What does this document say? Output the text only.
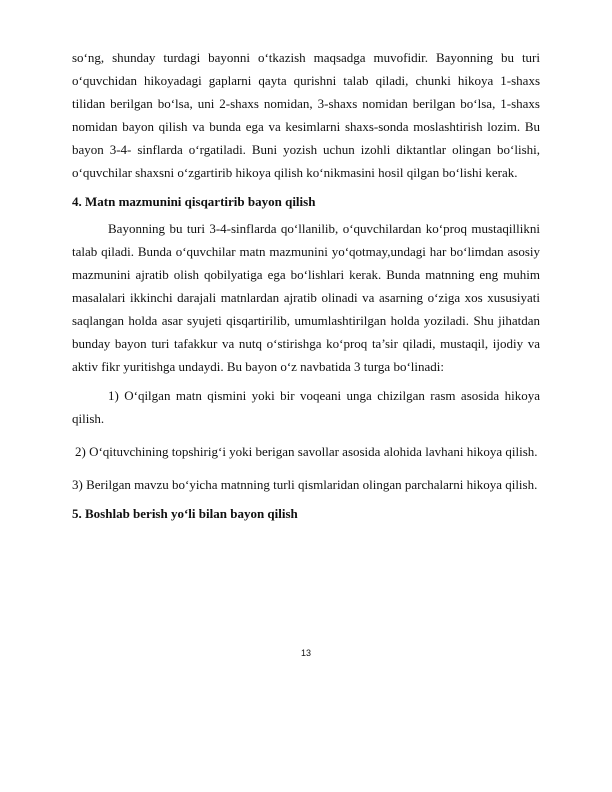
so‘ng, shunday turdagi bayonni o‘tkazish maqsadga muvofidir. Bayonning bu turi o‘quvchidan hikoyadagi gaplarni qayta qurishni talab qiladi, chunki hikoya 1-shaxs tilidan berilgan bo‘lsa, uni 2-shaxs nomidan, 3-shaxs nomidan berilgan bo‘lsa, 1-shaxs nomidan bayon qilish va bunda ega va kesimlarni shaxs-sonda moslashtirish lozim. Bu bayon 3-4- sinflarda o‘rgatiladi. Buni yozish uchun izohli diktantlar olingan bo‘lishi, o‘quvchilar shaxsni o‘zgartirib hikoya qilish ko‘nikmasini hosil qilgan bo‘lishi kerak.

4. Matn mazmunini qisqartirib bayon qilish

Bayonning bu turi 3-4-sinflarda qo‘llanilib, o‘quvchilardan ko‘proq mustaqillikni talab qiladi. Bunda o‘quvchilar matn mazmunini yo‘qotmay,undagi har bo‘limdan asosiy mazmunini ajratib olish qobilyatiga ega bo‘lishlari kerak. Bunda matnning eng muhim masalalari ikkinchi darajali matnlardan ajratib olinadi va asarning o‘ziga xos xususiyati saqlangan holda asar syujeti qisqartirilib, umumlashtirilgan holda yoziladi. Shu jihatdan bunday bayon turi tafakkur va nutq o‘stirishga ko‘proq ta’sir qiladi, mustaqil, ijodiy va aktiv fikr yuritishga undaydi. Bu bayon o‘z navbatida 3 turga bo‘linadi:

1) O‘qilgan matn qismini yoki bir voqeani unga chizilgan rasm asosida hikoya qilish.

2) O‘qituvchining topshirig‘i yoki berigan savollar asosida alohida lavhani hikoya qilish.

3) Berilgan mavzu bo‘yicha matnning turli qismlaridan olingan parchalarni hikoya qilish.

5. Boshlab berish yo‘li bilan bayon qilish

13
